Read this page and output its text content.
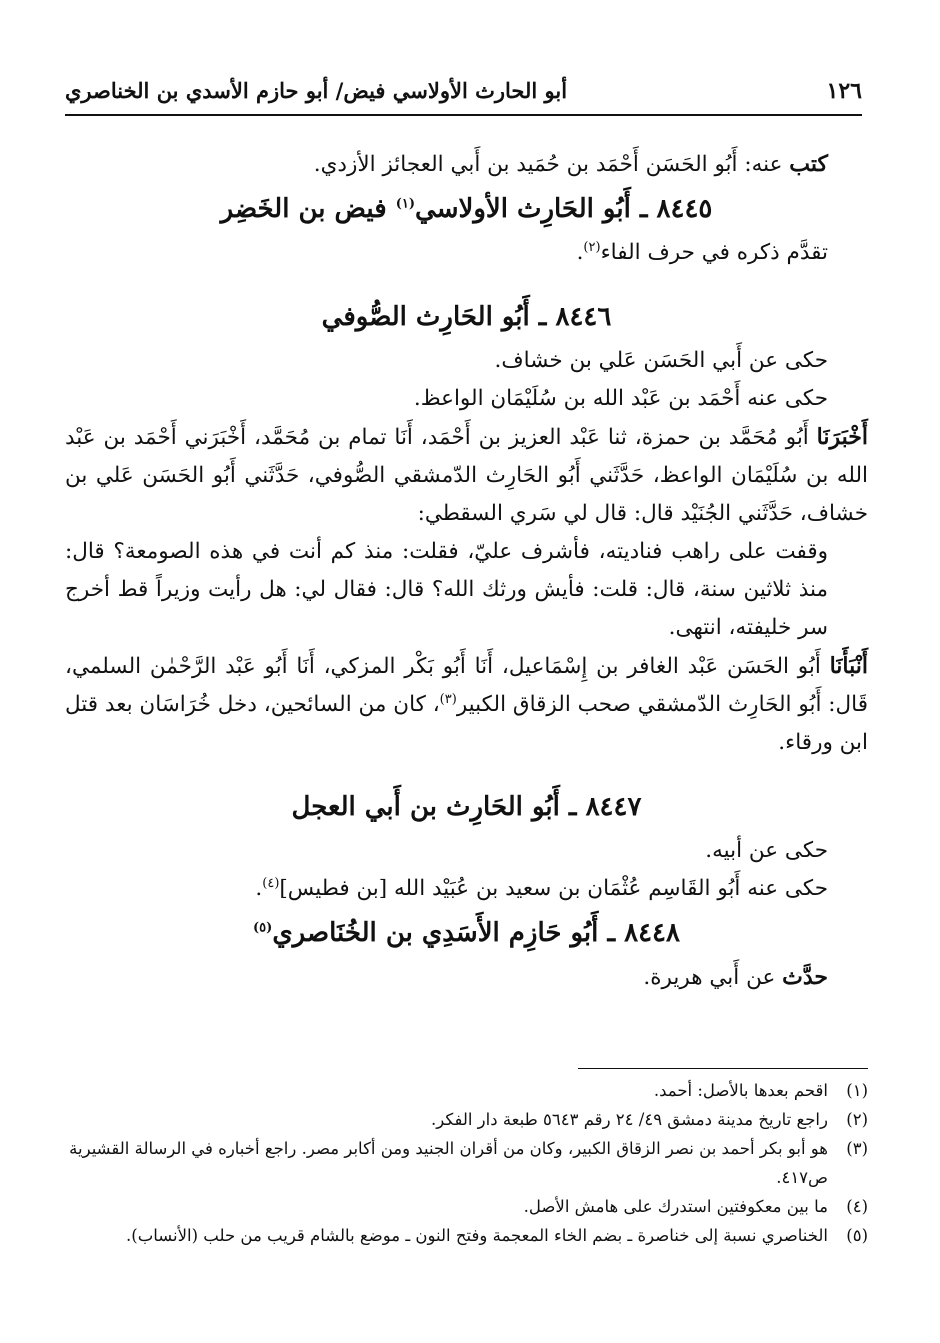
١٢٦
أبو الحارث الأولاسي فيض/ أبو حازم الأسدي بن الخناصري

كتب عنه: أَبُو الحَسَن أَحْمَد بن حُمَيد بن أَبي العجائز الأزدي.

٨٤٤٥ ـ أَبُو الحَارِث الأولاسي$^{(١)}$ فيض بن الخَضِر

تقدَّم ذكره في حرف الفاء$^{(٢)}$.

٨٤٤٦ ـ أَبُو الحَارِث الصُّوفي

حكى عن أَبي الحَسَن عَلي بن خشاف.

حكى عنه أَحْمَد بن عَبْد الله بن سُلَيْمَان الواعظ.

أَخْبَرَنَا أَبُو مُحَمَّد بن حمزة، ثنا عَبْد العزيز بن أَحْمَد، أَنَا تمام بن مُحَمَّد، أَخْبَرَني أَحْمَد بن عَبْد الله بن سُلَيْمَان الواعظ، حَدَّثَني أَبُو الحَارِث الدّمشقي الصُّوفي، حَدَّثَني أَبُو الحَسَن عَلي بن خشاف، حَدَّثَني الجُنَيْد قال: قال لي سَري السقطي:

وقفت على راهب فناديته، فأشرف عليّ، فقلت: منذ كم أنت في هذه الصومعة؟ قال: منذ ثلاثين سنة، قال: قلت: فأيش ورثك الله؟ قال: فقال لي: هل رأيت وزيراً قط أخرج سر خليفته، انتهى.

أَنْبَأَنَا أَبُو الحَسَن عَبْد الغافر بن إِسْمَاعيل، أَنَا أَبُو بَكْر المزكي، أَنَا أَبُو عَبْد الرَّحْمٰن السلمي، قَال: أَبُو الحَارِث الدّمشقي صحب الزقاق الكبير$^{(٣)}$، كان من السائحين، دخل خُرَاسَان بعد قتل ابن ورقاء.

٨٤٤٧ ـ أَبُو الحَارِث بن أَبي العجل

حكى عن أبيه.

حكى عنه أَبُو القَاسِم عُثْمَان بن سعيد بن عُبَيْد الله [بن فطيس]$^{(٤)}$.

٨٤٤٨ ـ أَبُو حَازِم الأَسَدِي بن الخُنَاصري$^{(٥)}$

حدَّث عن أَبي هريرة.

(١)
اقحم بعدها بالأصل: أحمد.

(٢)
راجع تاريخ مدينة دمشق ٤٩/ ٢٤ رقم ٥٦٤٣ طبعة دار الفكر.

(٣)
هو أبو بكر أحمد بن نصر الزقاق الكبير، وكان من أقران الجنيد ومن أكابر مصر. راجع أخباره في الرسالة القشيرية ص٤١٧.

(٤)
ما بين معكوفتين استدرك على هامش الأصل.

(٥)
الخناصري نسبة إلى خناصرة ـ بضم الخاء المعجمة وفتح النون ـ موضع بالشام قريب من حلب (الأنساب).
